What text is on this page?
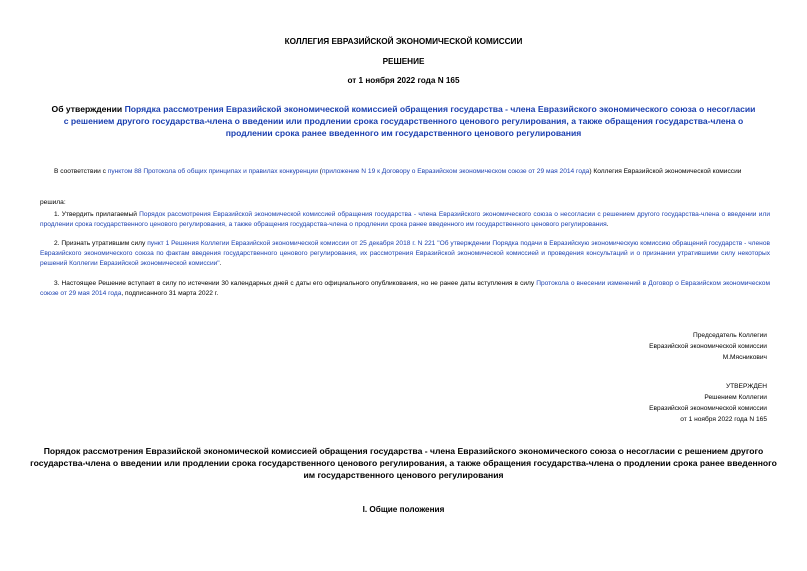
КОЛЛЕГИЯ ЕВРАЗИЙСКОЙ ЭКОНОМИЧЕСКОЙ КОМИССИИ
РЕШЕНИЕ
от 1 ноября 2022 года N 165
Об утверждении Порядка рассмотрения Евразийской экономической комиссией обращения государства - члена Евразийского экономического союза о несогласии с решением другого государства-члена о введении или продлении срока государственного ценового регулирования, а также обращения государства-члена о продлении срока ранее введенного им государственного ценового регулирования
В соответствии с пунктом 88 Протокола об общих принципах и правилах конкуренции (приложение N 19 к Договору о Евразийском экономическом союзе от 29 мая 2014 года) Коллегия Евразийской экономической комиссии
решила:
1. Утвердить прилагаемый Порядок рассмотрения Евразийской экономической комиссией обращения государства - члена Евразийского экономического союза о несогласии с решением другого государства-члена о введении или продлении срока государственного ценового регулирования, а также обращения государства-члена о продлении срока ранее введенного им государственного ценового регулирования.
2. Признать утратившим силу пункт 1 Решения Коллегии Евразийской экономической комиссии от 25 декабря 2018 г. N 221 "Об утверждении Порядка подачи в Евразийскую экономическую комиссию обращений государств - членов Евразийского экономического союза по фактам введения государственного ценового регулирования, их рассмотрения Евразийской экономической комиссией и проведения консультаций и о признании утратившими силу некоторых решений Коллегии Евразийской экономической комиссии".
3. Настоящее Решение вступает в силу по истечении 30 календарных дней с даты его официального опубликования, но не ранее даты вступления в силу Протокола о внесении изменений в Договор о Евразийском экономическом союзе от 29 мая 2014 года, подписанного 31 марта 2022 г.
Председатель Коллегии
Евразийской экономической комиссии
М.Мясникович
УТВЕРЖДЕН
Решением Коллегии
Евразийской экономической комиссии
от 1 ноября 2022 года N 165
Порядок рассмотрения Евразийской экономической комиссией обращения государства - члена Евразийского экономического союза о несогласии с решением другого государства-члена о введении или продлении срока государственного ценового регулирования, а также обращения государства-члена о продлении срока ранее введенного им государственного ценового регулирования
I. Общие положения
